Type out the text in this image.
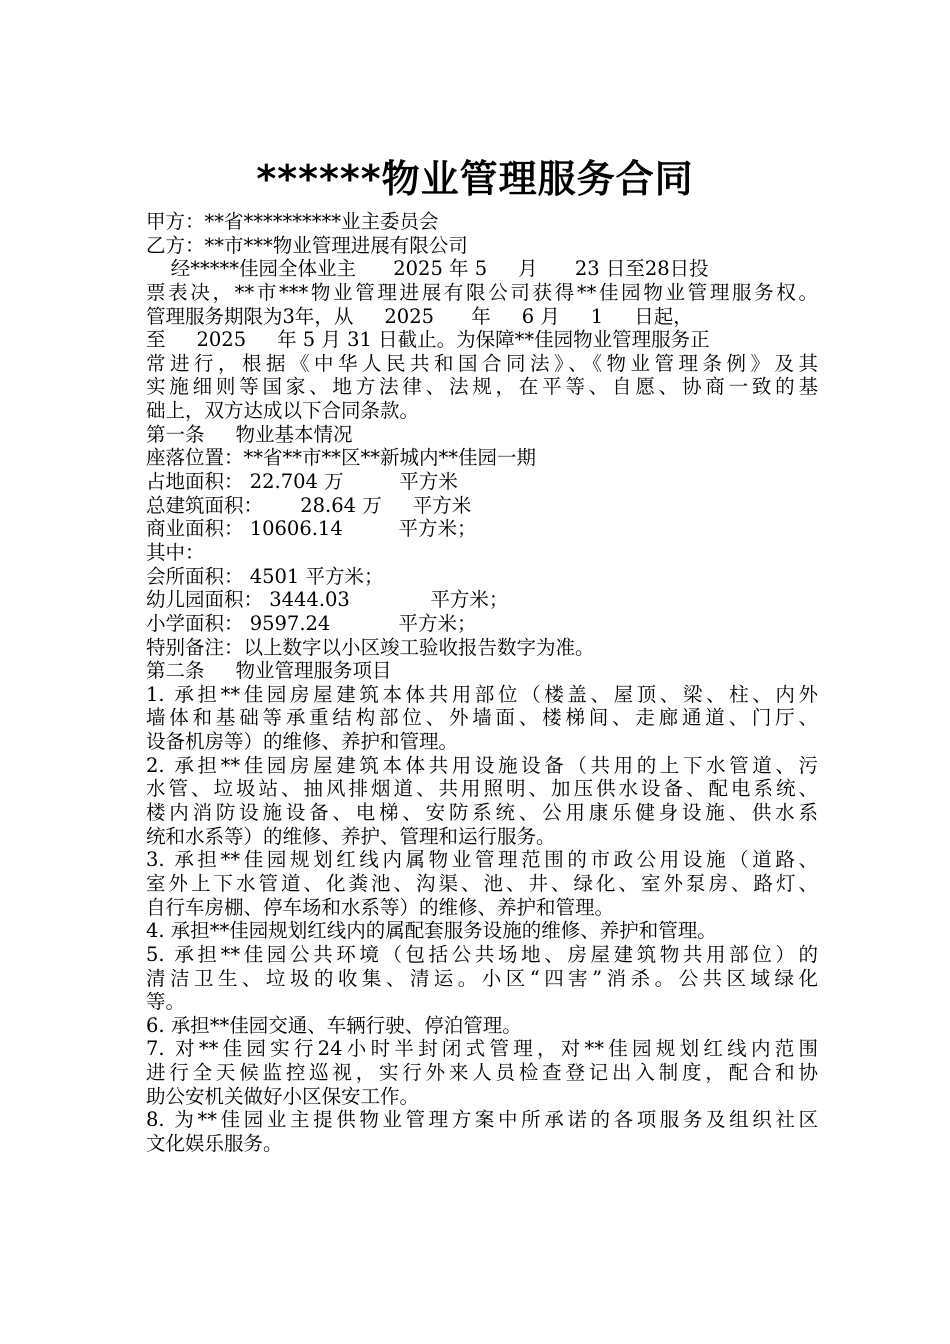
******物业管理服务合同
甲方：**省**********业主委员会
乙方：**市***物业管理进展有限公司
经*****佳园全体业主      2025 年 5     月      23 日至28日投
票表决，**市***物业管理进展有限公司获得**佳园物业管理服务权。
管理服务期限为3年，从     2025      年     6 月     1     日起，
至     2025     年 5 月 31 日截止。为保障**佳园物业管理服务正
常进行，根据《中华人民共和国合同法》、《物业管理条例》及其
实施细则等国家、地方法律、法规，在平等、自愿、协商一致的基
础上，双方达成以下合同条款。
第一条     物业基本情况
座落位置：**省**市**区**新城内**佳园一期
占地面积： 22.704 万         平方米
总建筑面积：      28.64 万     平方米
商业面积： 10606.14         平方米；
其中：
会所面积： 4501 平方米；
幼儿园面积： 3444.03             平方米；
小学面积： 9597.24           平方米；
特别备注：以上数字以小区竣工验收报告数字为准。
第二条     物业管理服务项目
1. 承担**佳园房屋建筑本体共用部位（楼盖、屋顶、梁、柱、内外
墙体和基础等承重结构部位、外墙面、楼梯间、走廊通道、门厅、
设备机房等）的维修、养护和管理。
2. 承担**佳园房屋建筑本体共用设施设备（共用的上下水管道、污
水管、垃圾站、抽风排烟道、共用照明、加压供水设备、配电系统、
楼内消防设施设备、电梯、安防系统、公用康乐健身设施、供水系
统和水系等）的维修、养护、管理和运行服务。
3. 承担**佳园规划红线内属物业管理范围的市政公用设施（道路、
室外上下水管道、化粪池、沟渠、池、井、绿化、室外泵房、路灯、
自行车房棚、停车场和水系等）的维修、养护和管理。
4. 承担**佳园规划红线内的属配套服务设施的维修、养护和管理。
5. 承担**佳园公共环境（包括公共场地、房屋建筑物共用部位）的
清洁卫生、垃圾的收集、清运。小区“四害”消杀。公共区域绿化
等。
6. 承担**佳园交通、车辆行驶、停泊管理。
7. 对**佳园实行24小时半封闭式管理，对**佳园规划红线内范围
进行全天候监控巡视，实行外来人员检查登记出入制度，配合和协
助公安机关做好小区保安工作。
8. 为**佳园业主提供物业管理方案中所承诺的各项服务及组织社区
文化娱乐服务。
